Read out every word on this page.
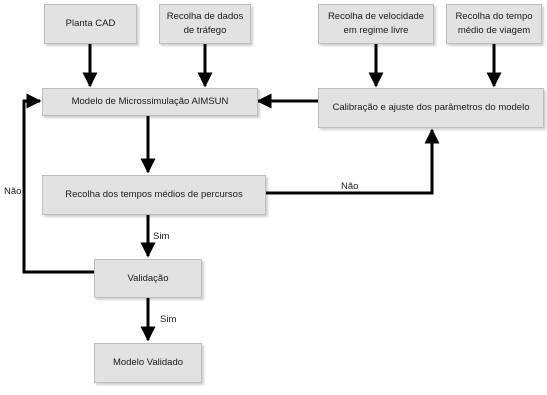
Planta CAD
Recolha de dados de tráfego
Recolha de velocidade em regime livre
Recolha do tempo médio de viagem
Modelo de Microssimulação AIMSUN
Calibração e ajuste dos parâmetros do modelo
Recolha dos tempos médios de percursos
Validação
Modelo Validado
Não	Não
Sim
Sim
